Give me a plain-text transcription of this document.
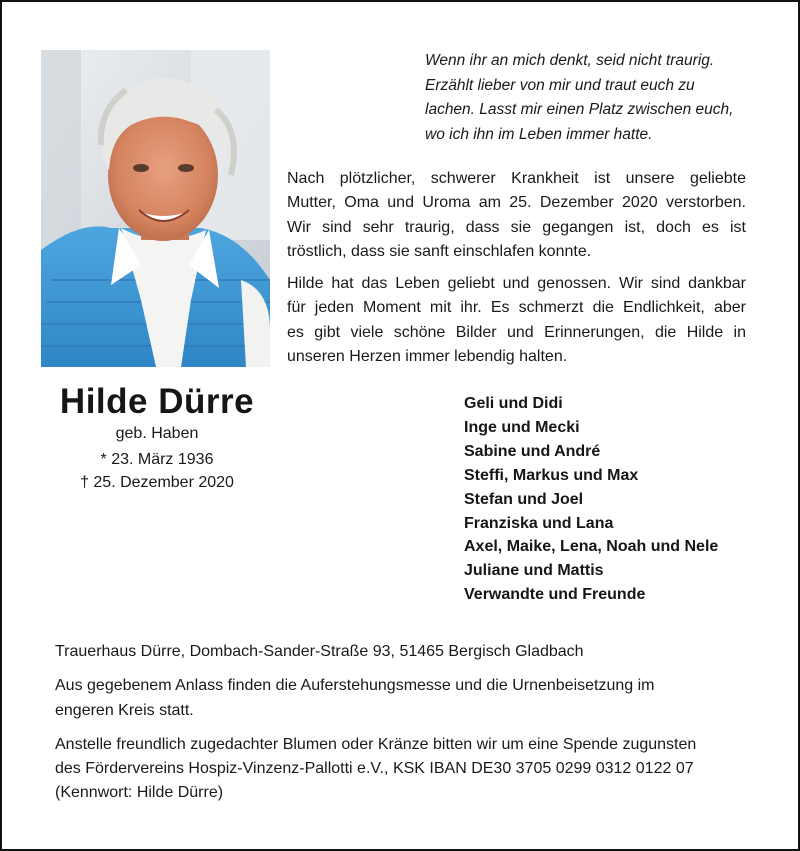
Wenn ihr an mich denkt, seid nicht traurig.
Erzählt lieber von mir und traut euch zu
lachen. Lasst mir einen Platz zwischen euch,
wo ich ihn im Leben immer hatte.
Nach plötzlicher, schwerer Krankheit ist unsere geliebte
Mutter, Oma und Uroma am 25. Dezember 2020 verstorben.
Wir sind sehr traurig, dass sie gegangen ist, doch es ist
tröstlich, dass sie sanft einschlafen konnte.
Hilde hat das Leben geliebt und genossen. Wir sind dankbar
für jeden Moment mit ihr. Es schmerzt die Endlichkeit, aber
es gibt viele schöne Bilder und Erinnerungen, die Hilde in
unseren Herzen immer lebendig halten.
Hilde Dürre
geb. Haben
* 23. März 1936
† 25. Dezember 2020
Geli und Didi
Inge und Mecki
Sabine und André
Steffi, Markus und Max
Stefan und Joel
Franziska und Lana
Axel, Maike, Lena, Noah und Nele
Juliane und Mattis
Verwandte und Freunde
Trauerhaus Dürre, Dombach-Sander-Straße 93, 51465 Bergisch Gladbach
Aus gegebenem Anlass finden die Auferstehungsmesse und die Urnenbeisetzung im
engeren Kreis statt.
Anstelle freundlich zugedachter Blumen oder Kränze bitten wir um eine Spende zugunsten
des Fördervereins Hospiz-Vinzenz-Pallotti e.V., KSK IBAN DE30 3705 0299 0312 0122 07
(Kennwort: Hilde Dürre)
